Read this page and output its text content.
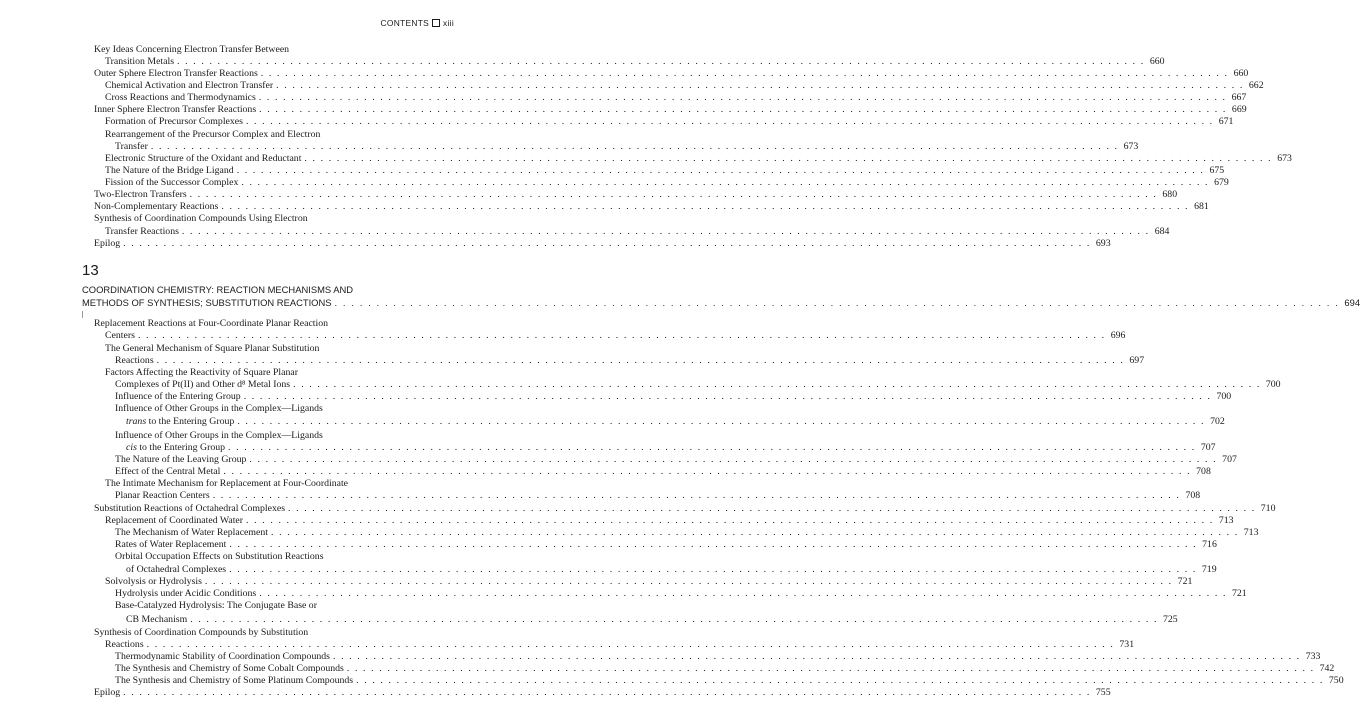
CONTENTS xiii
13
Key Ideas Concerning Electron Transfer Between
Transition Metals . . . . . . . . . . . . . . . . . . . . . . . . . . . . . . . . . . . . . . . . . . . . . . . . . . . . . . . . . . . . . . . . . . . . . . . . . . . . . . . . . . . . . . . . . . . . . . . . . . . . . . . . . . . . . . . . . . . . . . . . 660
Outer Sphere Electron Transfer Reactions . . . . . . . . . . . . . . . . . . . . . . . . . . . . . . . . . . . . . . . . . . . . . . . . . . . . . . . . . . . . . . . . . . . . . . . . . . . . . . . . . . . . . . . . . . . . . . . . . . . . . . . . . . . . . . . . . . . . . . . . 660
Chemical Activation and Electron Transfer . . . . . . . . . . . . . . . . . . . . . . . . . . . . . . . . . . . . . . . . . . . . . . . . . . . . . . . . . . . . . . . . . . . . . . . . . . . . . . . . . . . . . . . . . . . . . . . . . . . . . . . . . . . . . . . . . . . . . . . . 662
Cross Reactions and Thermodynamics . . . . . . . . . . . . . . . . . . . . . . . . . . . . . . . . . . . . . . . . . . . . . . . . . . . . . . . . . . . . . . . . . . . . . . . . . . . . . . . . . . . . . . . . . . . . . . . . . . . . . . . . . . . . . . . . . . . . . . . . 667
Inner Sphere Electron Transfer Reactions . . . . . . . . . . . . . . . . . . . . . . . . . . . . . . . . . . . . . . . . . . . . . . . . . . . . . . . . . . . . . . . . . . . . . . . . . . . . . . . . . . . . . . . . . . . . . . . . . . . . . . . . . . . . . . . . . . . . . . . . 669
Formation of Precursor Complexes . . . . . . . . . . . . . . . . . . . . . . . . . . . . . . . . . . . . . . . . . . . . . . . . . . . . . . . . . . . . . . . . . . . . . . . . . . . . . . . . . . . . . . . . . . . . . . . . . . . . . . . . . . . . . . . . . . . . . . . . 671
Rearrangement of the Precursor Complex and Electron
Transfer . . . . . . . . . . . . . . . . . . . . . . . . . . . . . . . . . . . . . . . . . . . . . . . . . . . . . . . . . . . . . . . . . . . . . . . . . . . . . . . . . . . . . . . . . . . . . . . . . . . . . . . . . . . . . . . . . . . . . . . . 673
Electronic Structure of the Oxidant and Reductant . . . . . . . . . . . . . . . . . . . . . . . . . . . . . . . . . . . . . . . . . . . . . . . . . . . . . . . . . . . . . . . . . . . . . . . . . . . . . . . . . . . . . . . . . . . . . . . . . . . . . . . . . . . . . . . . . . . . . . . . 673
The Nature of the Bridge Ligand . . . . . . . . . . . . . . . . . . . . . . . . . . . . . . . . . . . . . . . . . . . . . . . . . . . . . . . . . . . . . . . . . . . . . . . . . . . . . . . . . . . . . . . . . . . . . . . . . . . . . . . . . . . . . . . . . . . . . . . . 675
Fission of the Successor Complex . . . . . . . . . . . . . . . . . . . . . . . . . . . . . . . . . . . . . . . . . . . . . . . . . . . . . . . . . . . . . . . . . . . . . . . . . . . . . . . . . . . . . . . . . . . . . . . . . . . . . . . . . . . . . . . . . . . . . . . . 679
Two-Electron Transfers . . . . . . . . . . . . . . . . . . . . . . . . . . . . . . . . . . . . . . . . . . . . . . . . . . . . . . . . . . . . . . . . . . . . . . . . . . . . . . . . . . . . . . . . . . . . . . . . . . . . . . . . . . . . . . . . . . . . . . . . 680
Non-Complementary Reactions . . . . . . . . . . . . . . . . . . . . . . . . . . . . . . . . . . . . . . . . . . . . . . . . . . . . . . . . . . . . . . . . . . . . . . . . . . . . . . . . . . . . . . . . . . . . . . . . . . . . . . . . . . . . . . . . . . . . . . . . 681
Synthesis of Coordination Compounds Using Electron
Transfer Reactions . . . . . . . . . . . . . . . . . . . . . . . . . . . . . . . . . . . . . . . . . . . . . . . . . . . . . . . . . . . . . . . . . . . . . . . . . . . . . . . . . . . . . . . . . . . . . . . . . . . . . . . . . . . . . . . . . . . . . . . . 684
Epilog . . . . . . . . . . . . . . . . . . . . . . . . . . . . . . . . . . . . . . . . . . . . . . . . . . . . . . . . . . . . . . . . . . . . . . . . . . . . . . . . . . . . . . . . . . . . . . . . . . . . . . . . . . . . . . . . . . . . . . . . 693
COORDINATION CHEMISTRY: REACTION MECHANISMS AND
METHODS OF SYNTHESIS; SUBSTITUTION REACTIONS . . . . . . . . . . . . . . . . . . . . . . . . . . . . . . . . . . . . . . . . . . . . . . . . . . . . . . . . . . . . . . . . . . . . . . . . . . . . . . . . . . . . . . . . . . . . . . . . . . . . . . . . . . . . . . . . . . . . . . . . 694
Replacement Reactions at Four-Coordinate Planar Reaction
Centers . . . . . . . . . . . . . . . . . . . . . . . . . . . . . . . . . . . . . . . . . . . . . . . . . . . . . . . . . . . . . . . . . . . . . . . . . . . . . . . . . . . . . . . . . . . . . . . . . . . . . . . . . . . . . . . . . . . . . . . . 696
The General Mechanism of Square Planar Substitution
Reactions . . . . . . . . . . . . . . . . . . . . . . . . . . . . . . . . . . . . . . . . . . . . . . . . . . . . . . . . . . . . . . . . . . . . . . . . . . . . . . . . . . . . . . . . . . . . . . . . . . . . . . . . . . . . . . . . . . . . . . . . 697
Factors Affecting the Reactivity of Square Planar
Complexes of Pt(II) and Other d⁸ Metal Ions . . . . . . . . . . . . . . . . . . . . . . . . . . . . . . . . . . . . . . . . . . . . . . . . . . . . . . . . . . . . . . . . . . . . . . . . . . . . . . . . . . . . . . . . . . . . . . . . . . . . . . . . . . . . . . . . . . . . . . . . 700
Influence of the Entering Group . . . . . . . . . . . . . . . . . . . . . . . . . . . . . . . . . . . . . . . . . . . . . . . . . . . . . . . . . . . . . . . . . . . . . . . . . . . . . . . . . . . . . . . . . . . . . . . . . . . . . . . . . . . . . . . . . . . . . . . . 700
Influence of Other Groups in the Complex—Ligands
trans to the Entering Group . . . . . . . . . . . . . . . . . . . . . . . . . . . . . . . . . . . . . . . . . . . . . . . . . . . . . . . . . . . . . . . . . . . . . . . . . . . . . . . . . . . . . . . . . . . . . . . . . . . . . . . . . . . . . . . . . . . . . . . . 702
Influence of Other Groups in the Complex—Ligands
cis to the Entering Group . . . . . . . . . . . . . . . . . . . . . . . . . . . . . . . . . . . . . . . . . . . . . . . . . . . . . . . . . . . . . . . . . . . . . . . . . . . . . . . . . . . . . . . . . . . . . . . . . . . . . . . . . . . . . . . . . . . . . . . . 707
The Nature of the Leaving Group . . . . . . . . . . . . . . . . . . . . . . . . . . . . . . . . . . . . . . . . . . . . . . . . . . . . . . . . . . . . . . . . . . . . . . . . . . . . . . . . . . . . . . . . . . . . . . . . . . . . . . . . . . . . . . . . . . . . . . . . 707
Effect of the Central Metal . . . . . . . . . . . . . . . . . . . . . . . . . . . . . . . . . . . . . . . . . . . . . . . . . . . . . . . . . . . . . . . . . . . . . . . . . . . . . . . . . . . . . . . . . . . . . . . . . . . . . . . . . . . . . . . . . . . . . . . . 708
The Intimate Mechanism for Replacement at Four-Coordinate
Planar Reaction Centers . . . . . . . . . . . . . . . . . . . . . . . . . . . . . . . . . . . . . . . . . . . . . . . . . . . . . . . . . . . . . . . . . . . . . . . . . . . . . . . . . . . . . . . . . . . . . . . . . . . . . . . . . . . . . . . . . . . . . . . . 708
Substitution Reactions of Octahedral Complexes . . . . . . . . . . . . . . . . . . . . . . . . . . . . . . . . . . . . . . . . . . . . . . . . . . . . . . . . . . . . . . . . . . . . . . . . . . . . . . . . . . . . . . . . . . . . . . . . . . . . . . . . . . . . . . . . . . . . . . . . 710
Replacement of Coordinated Water . . . . . . . . . . . . . . . . . . . . . . . . . . . . . . . . . . . . . . . . . . . . . . . . . . . . . . . . . . . . . . . . . . . . . . . . . . . . . . . . . . . . . . . . . . . . . . . . . . . . . . . . . . . . . . . . . . . . . . . . 713
The Mechanism of Water Replacement . . . . . . . . . . . . . . . . . . . . . . . . . . . . . . . . . . . . . . . . . . . . . . . . . . . . . . . . . . . . . . . . . . . . . . . . . . . . . . . . . . . . . . . . . . . . . . . . . . . . . . . . . . . . . . . . . . . . . . . . 713
Rates of Water Replacement . . . . . . . . . . . . . . . . . . . . . . . . . . . . . . . . . . . . . . . . . . . . . . . . . . . . . . . . . . . . . . . . . . . . . . . . . . . . . . . . . . . . . . . . . . . . . . . . . . . . . . . . . . . . . . . . . . . . . . . . 716
Orbital Occupation Effects on Substitution Reactions
of Octahedral Complexes . . . . . . . . . . . . . . . . . . . . . . . . . . . . . . . . . . . . . . . . . . . . . . . . . . . . . . . . . . . . . . . . . . . . . . . . . . . . . . . . . . . . . . . . . . . . . . . . . . . . . . . . . . . . . . . . . . . . . . . . 719
Solvolysis or Hydrolysis . . . . . . . . . . . . . . . . . . . . . . . . . . . . . . . . . . . . . . . . . . . . . . . . . . . . . . . . . . . . . . . . . . . . . . . . . . . . . . . . . . . . . . . . . . . . . . . . . . . . . . . . . . . . . . . . . . . . . . . . 721
Hydrolysis under Acidic Conditions . . . . . . . . . . . . . . . . . . . . . . . . . . . . . . . . . . . . . . . . . . . . . . . . . . . . . . . . . . . . . . . . . . . . . . . . . . . . . . . . . . . . . . . . . . . . . . . . . . . . . . . . . . . . . . . . . . . . . . . . 721
Base-Catalyzed Hydrolysis: The Conjugate Base or
CB Mechanism . . . . . . . . . . . . . . . . . . . . . . . . . . . . . . . . . . . . . . . . . . . . . . . . . . . . . . . . . . . . . . . . . . . . . . . . . . . . . . . . . . . . . . . . . . . . . . . . . . . . . . . . . . . . . . . . . . . . . . . . 725
Synthesis of Coordination Compounds by Substitution
Reactions . . . . . . . . . . . . . . . . . . . . . . . . . . . . . . . . . . . . . . . . . . . . . . . . . . . . . . . . . . . . . . . . . . . . . . . . . . . . . . . . . . . . . . . . . . . . . . . . . . . . . . . . . . . . . . . . . . . . . . . . 731
Thermodynamic Stability of Coordination Compounds . . . . . . . . . . . . . . . . . . . . . . . . . . . . . . . . . . . . . . . . . . . . . . . . . . . . . . . . . . . . . . . . . . . . . . . . . . . . . . . . . . . . . . . . . . . . . . . . . . . . . . . . . . . . . . . . . . . . . . . . 733
The Synthesis and Chemistry of Some Cobalt Compounds . . . . . . . . . . . . . . . . . . . . . . . . . . . . . . . . . . . . . . . . . . . . . . . . . . . . . . . . . . . . . . . . . . . . . . . . . . . . . . . . . . . . . . . . . . . . . . . . . . . . . . . . . . . . . . . . . . . . . . . . 742
The Synthesis and Chemistry of Some Platinum Compounds . . . . . . . . . . . . . . . . . . . . . . . . . . . . . . . . . . . . . . . . . . . . . . . . . . . . . . . . . . . . . . . . . . . . . . . . . . . . . . . . . . . . . . . . . . . . . . . . . . . . . . . . . . . . . . . . . . . . . . . . 750
Epilog . . . . . . . . . . . . . . . . . . . . . . . . . . . . . . . . . . . . . . . . . . . . . . . . . . . . . . . . . . . . . . . . . . . . . . . . . . . . . . . . . . . . . . . . . . . . . . . . . . . . . . . . . . . . . . . . . . . . . . . . 755
